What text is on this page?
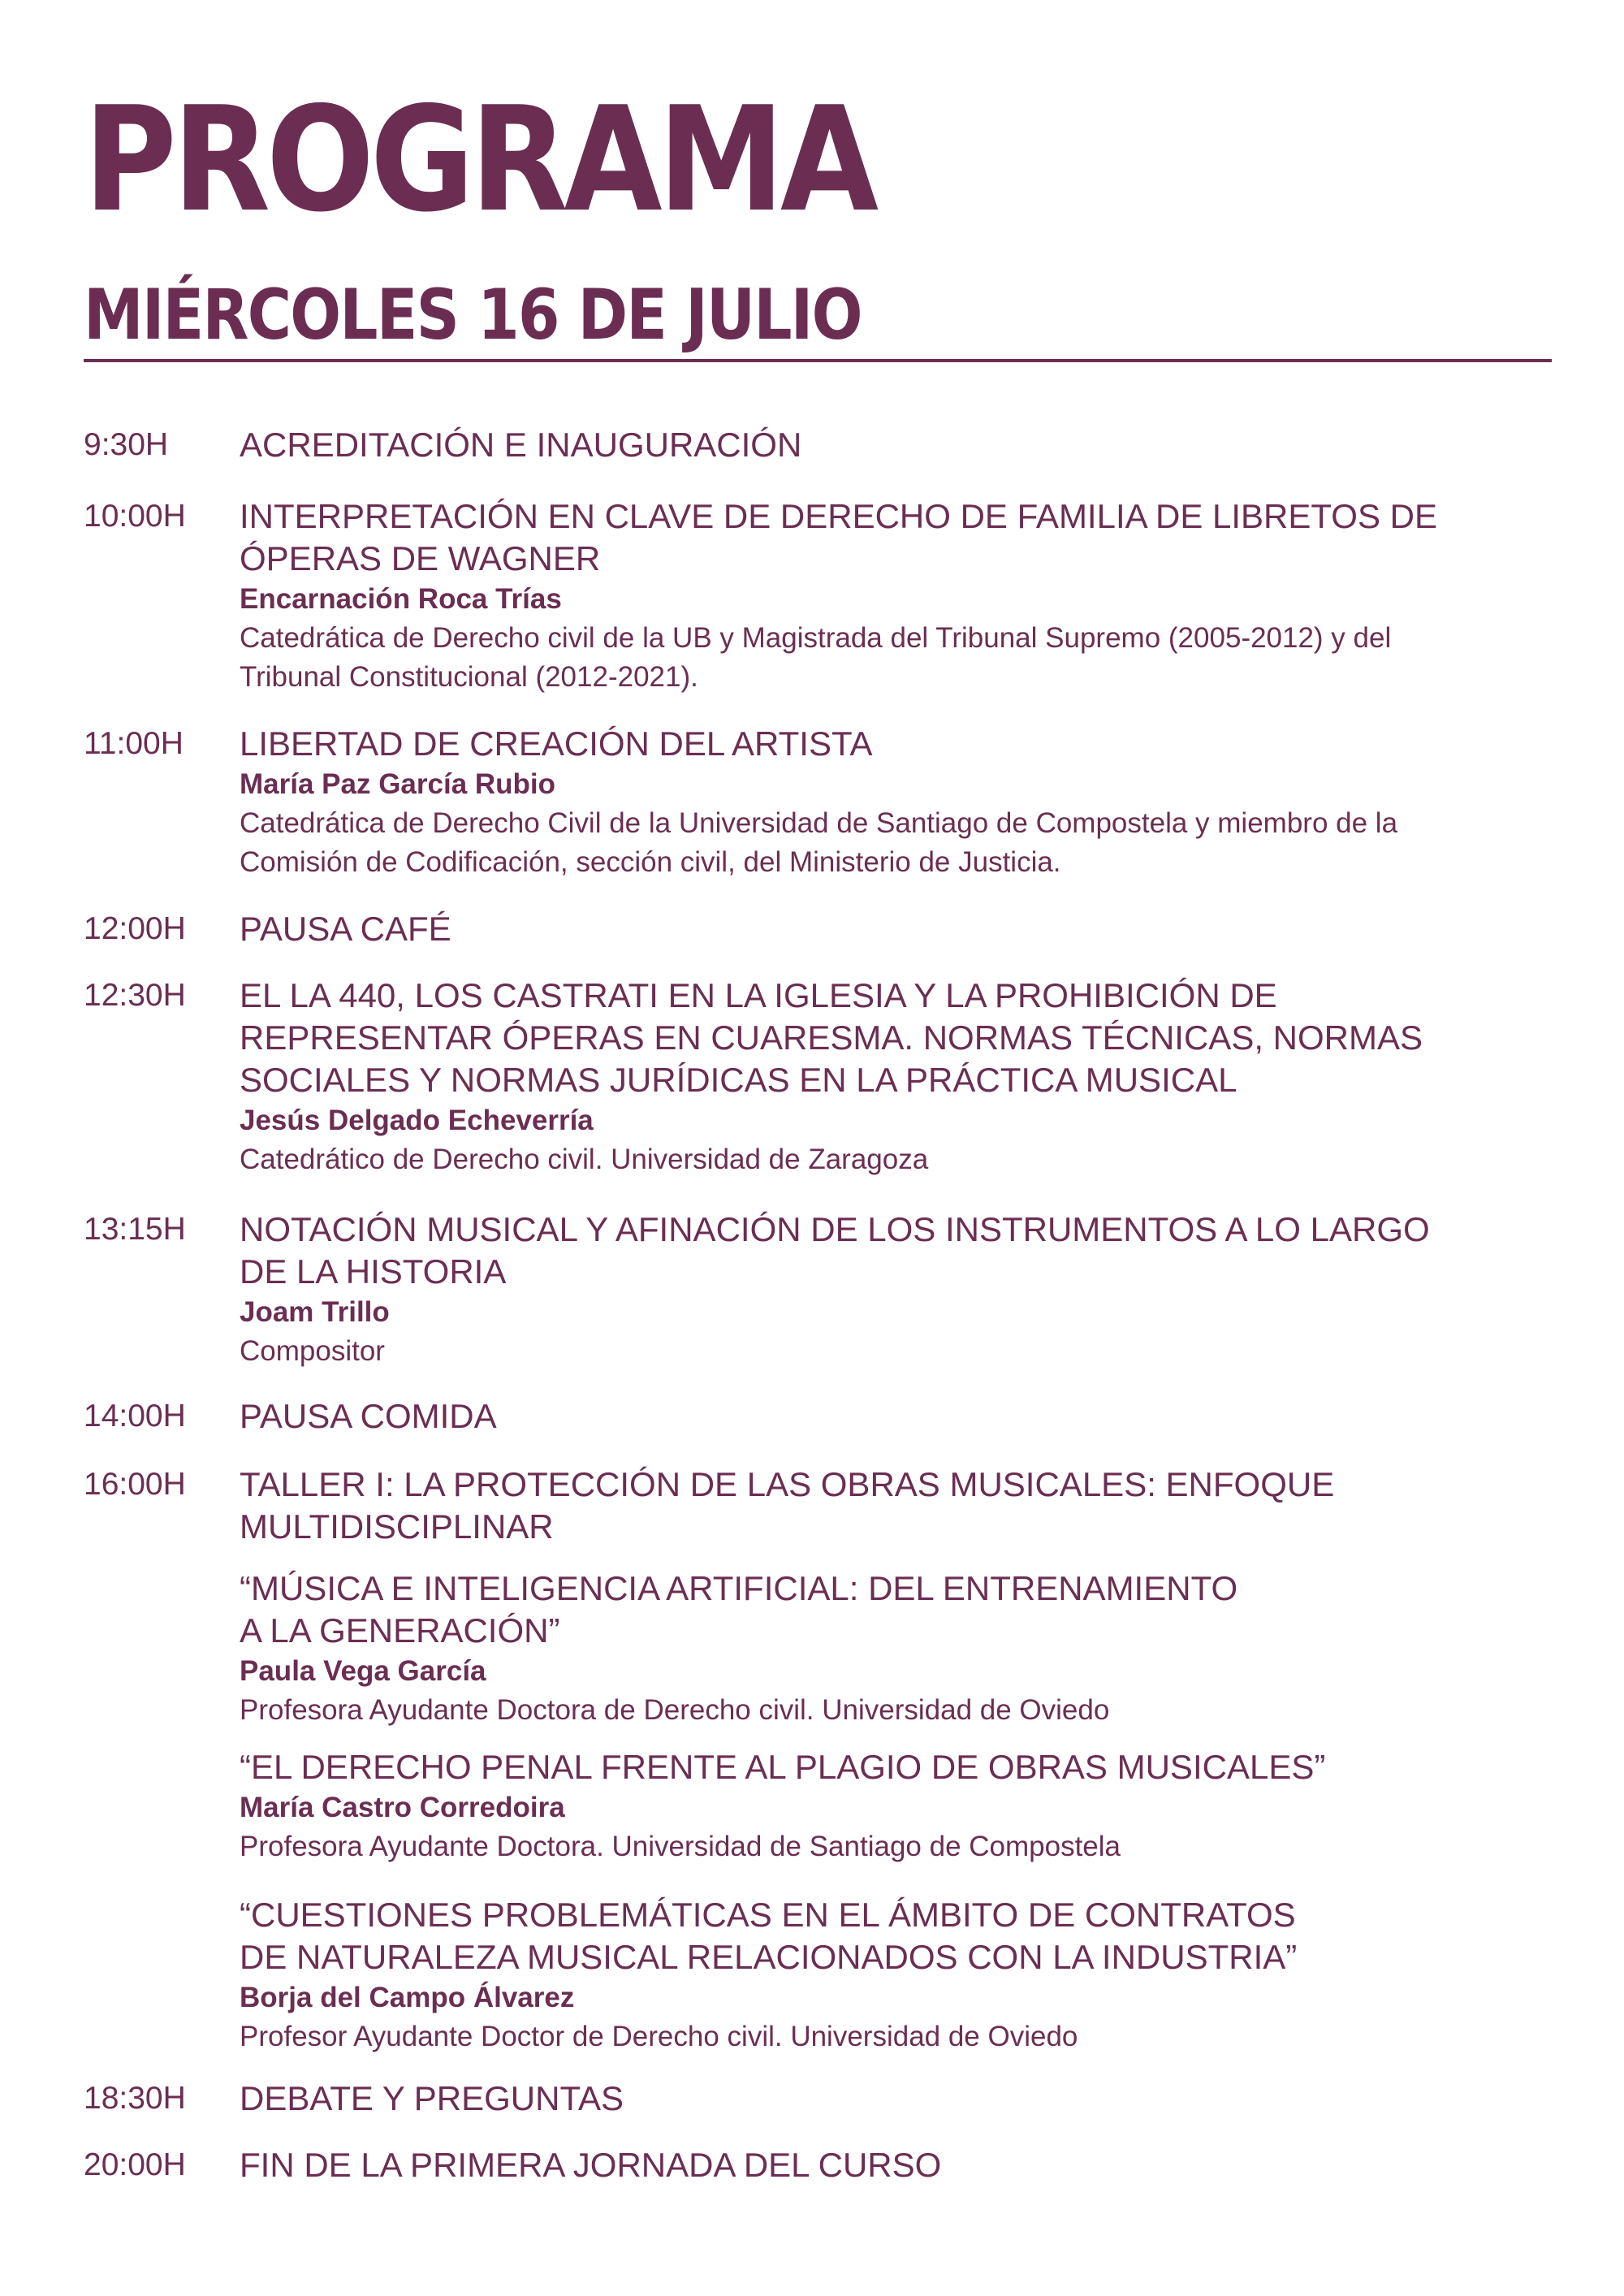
PROGRAMA
MIÉRCOLES 16 DE JULIO
9:30H ACREDITACIÓN E INAUGURACIÓN

10:00H INTERPRETACIÓN EN CLAVE DE DERECHO DE FAMILIA DE LIBRETOS DE
ÓPERAS DE WAGNER

Encarnación Roca Trías

Catedrática de Derecho civil de la UB y Magistrada del Tribunal Supremo (2005-2012) y del
Tribunal Constitucional (2012-2021).

11:00H LIBERTAD DE CREACIÓN DEL ARTISTA

María Paz García Rubio

Catedrática de Derecho Civil de la Universidad de Santiago de Compostela y miembro de la
Comisión de Codificación, sección civil, del Ministerio de Justicia.

12:00H PAUSA CAFÉ

12:30H EL LA 440, LOS CASTRATI EN LA IGLESIA Y LA PROHIBICIÓN DE
REPRESENTAR ÓPERAS EN CUARESMA. NORMAS TÉCNICAS, NORMAS
SOCIALES Y NORMAS JURÍDICAS EN LA PRÁCTICA MUSICAL

Jesús Delgado Echeverría

Catedrático de Derecho civil. Universidad de Zaragoza

13:15H NOTACIÓN MUSICAL Y AFINACIÓN DE LOS INSTRUMENTOS A LO LARGO
DE LA HISTORIA

Joam Trillo

Compositor

14:00H PAUSA COMIDA

16:00H TALLER I: LA PROTECCIÓN DE LAS OBRAS MUSICALES: ENFOQUE
MULTIDISCIPLINAR

“MÚSICA E INTELIGENCIA ARTIFICIAL: DEL ENTRENAMIENTO
A LA GENERACIÓN”

Paula Vega García

Profesora Ayudante Doctora de Derecho civil. Universidad de Oviedo

“EL DERECHO PENAL FRENTE AL PLAGIO DE OBRAS MUSICALES”

María Castro Corredoira

Profesora Ayudante Doctora. Universidad de Santiago de Compostela

“CUESTIONES PROBLEMÁTICAS EN EL ÁMBITO DE CONTRATOS
DE NATURALEZA MUSICAL RELACIONADOS CON LA INDUSTRIA”

Borja del Campo Álvarez

Profesor Ayudante Doctor de Derecho civil. Universidad de Oviedo

18:30H DEBATE Y PREGUNTAS

20:00H FIN DE LA PRIMERA JORNADA DEL CURSO
